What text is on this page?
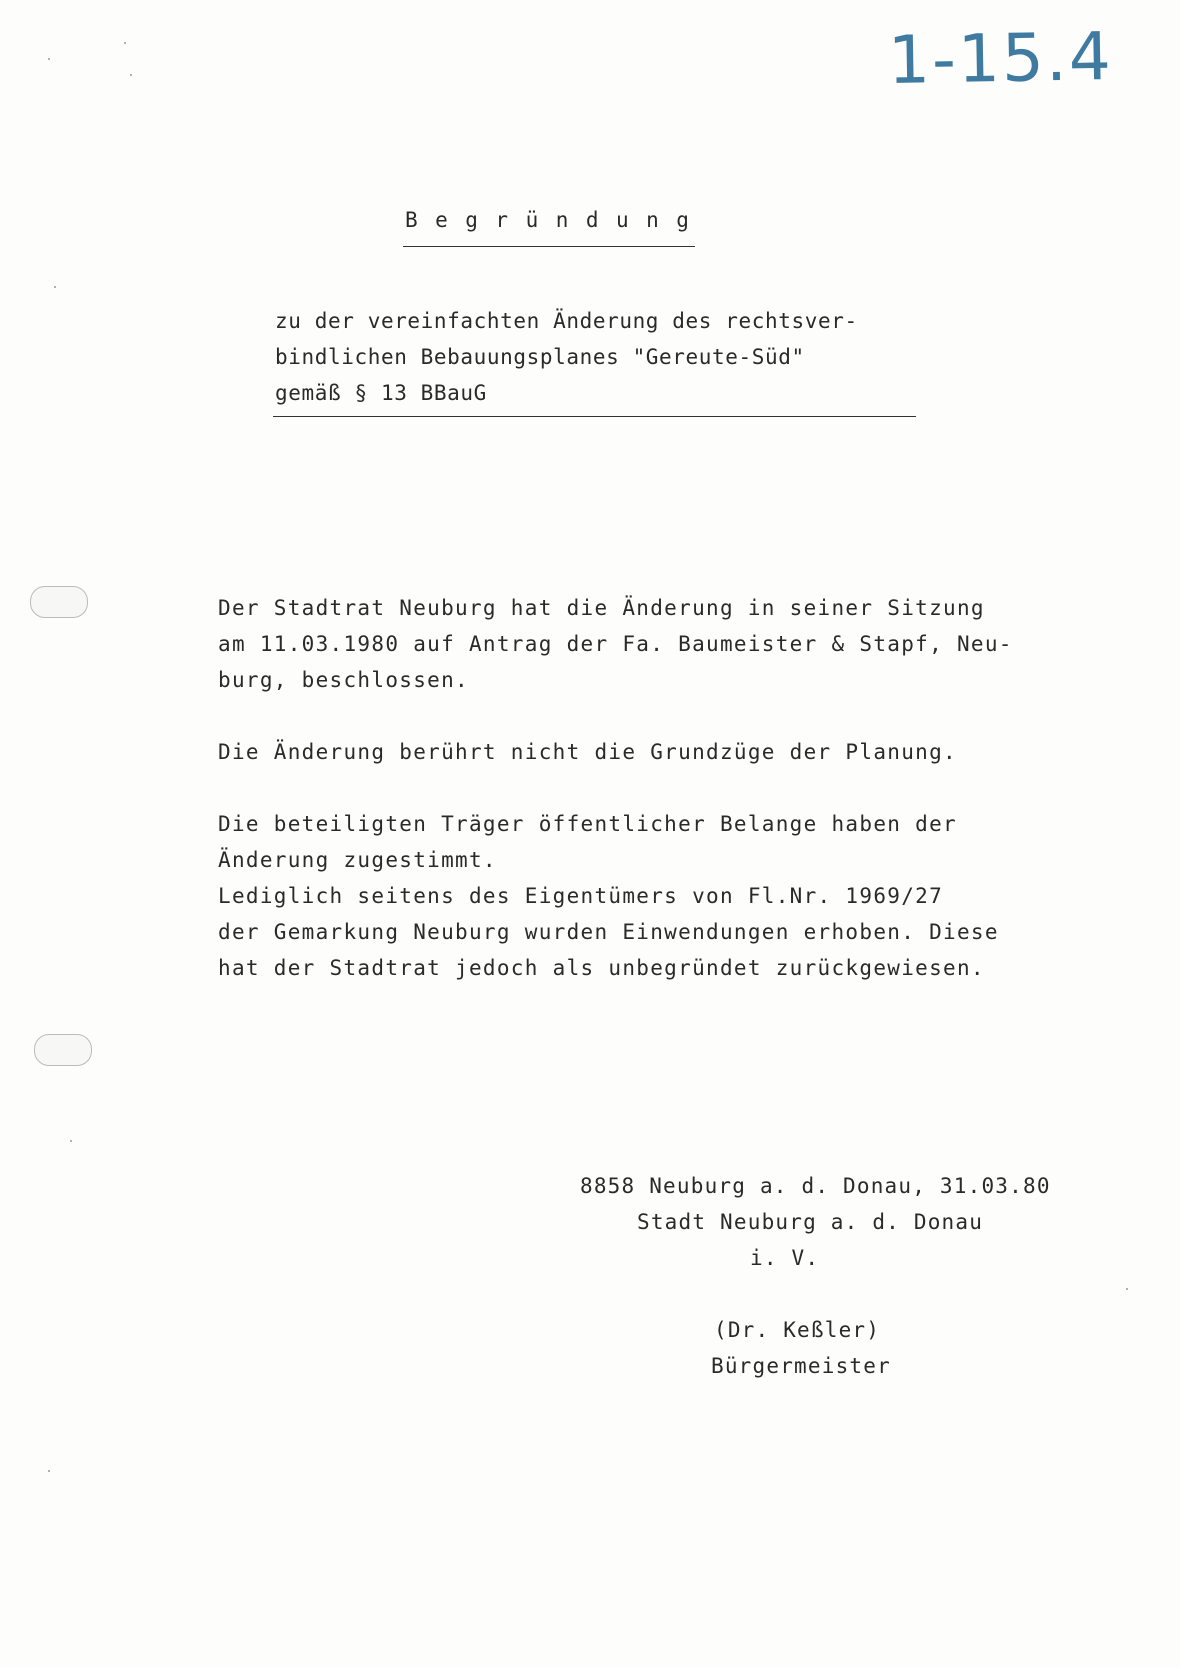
1-15.4
Begründung
zu der vereinfachten Änderung des rechtsver-
bindlichen Bebauungsplanes "Gereute-Süd"
gemäß § 13 BBauG
Der Stadtrat Neuburg hat die Änderung in seiner Sitzung
am 11.03.1980 auf Antrag der Fa. Baumeister & Stapf, Neu-
burg, beschlossen.
Die Änderung berührt nicht die Grundzüge der Planung.
Die beteiligten Träger öffentlicher Belange haben der
Änderung zugestimmt.
Lediglich seitens des Eigentümers von Fl.Nr. 1969/27
der Gemarkung Neuburg wurden Einwendungen erhoben. Diese
hat der Stadtrat jedoch als unbegründet zurückgewiesen.
8858 Neuburg a. d. Donau, 31.03.80
Stadt Neuburg a. d. Donau
i. V.
(Dr. Keßler)
Bürgermeister
